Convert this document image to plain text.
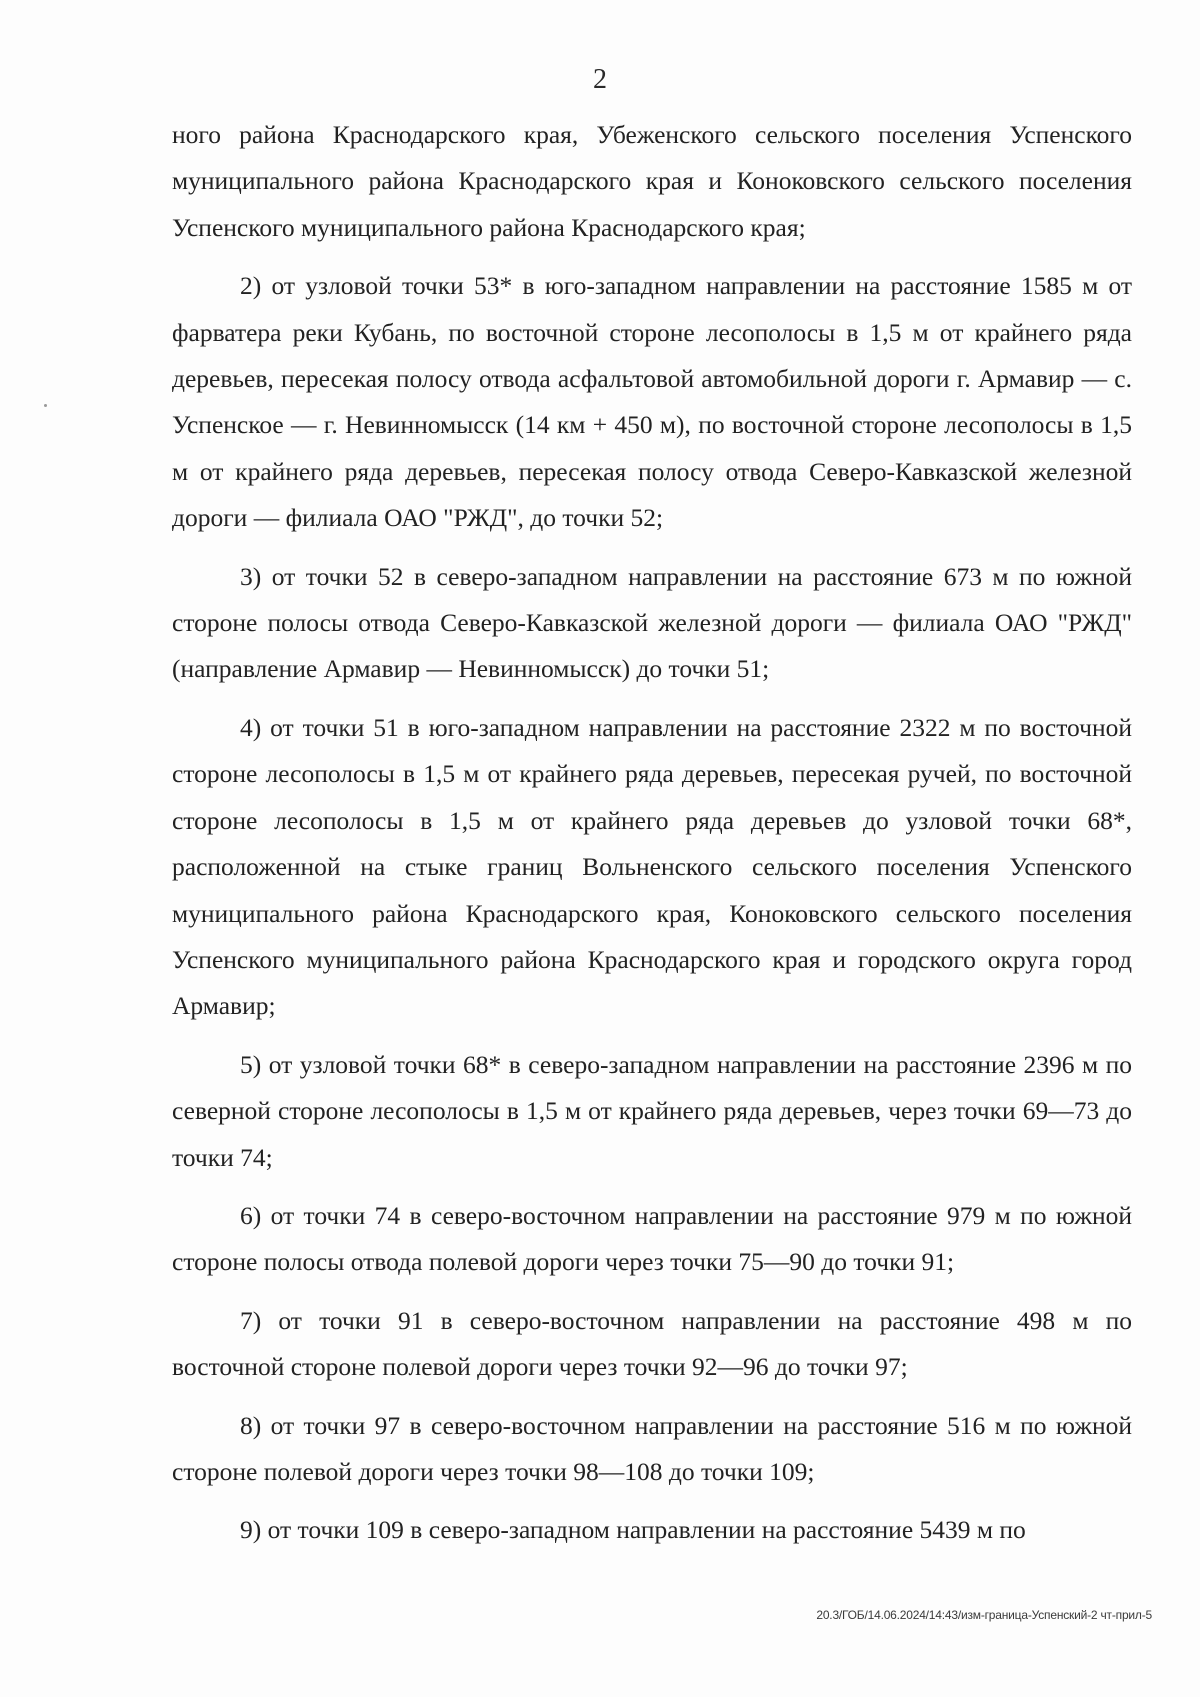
2

ного района Краснодарского края, Убеженского сельского поселения Успенского муниципального района Краснодарского края и Коноковского сельского поселения Успенского муниципального района Краснодарского края;

2) от узловой точки 53* в юго-западном направлении на расстояние 1585 м от фарватера реки Кубань, по восточной стороне лесополосы в 1,5 м от крайнего ряда деревьев, пересекая полосу отвода асфальтовой автомобильной дороги г. Армавир — с. Успенское — г. Невинномысск (14 км + 450 м), по восточной стороне лесополосы в 1,5 м от крайнего ряда деревьев, пересекая полосу отвода Северо-Кавказской железной дороги — филиала ОАО "РЖД", до точки 52;

3) от точки 52 в северо-западном направлении на расстояние 673 м по южной стороне полосы отвода Северо-Кавказской железной дороги — филиала ОАО "РЖД" (направление Армавир — Невинномысск) до точки 51;

4) от точки 51 в юго-западном направлении на расстояние 2322 м по восточной стороне лесополосы в 1,5 м от крайнего ряда деревьев, пересекая ручей, по восточной стороне лесополосы в 1,5 м от крайнего ряда деревьев до узловой точки 68*, расположенной на стыке границ Вольненского сельского поселения Успенского муниципального района Краснодарского края, Коноковского сельского поселения Успенского муниципального района Краснодарского края и городского округа город Армавир;

5) от узловой точки 68* в северо-западном направлении на расстояние 2396 м по северной стороне лесополосы в 1,5 м от крайнего ряда деревьев, через точки 69—73 до точки 74;

6) от точки 74 в северо-восточном направлении на расстояние 979 м по южной стороне полосы отвода полевой дороги через точки 75—90 до точки 91;

7) от точки 91 в северо-восточном направлении на расстояние 498 м по восточной стороне полевой дороги через точки 92—96 до точки 97;

8) от точки 97 в северо-восточном направлении на расстояние 516 м по южной стороне полевой дороги через точки 98—108 до точки 109;

9) от точки 109 в северо-западном направлении на расстояние 5439 м по

20.3/ГОБ/14.06.2024/14:43/изм-граница-Успенский-2 чт-прил-5
